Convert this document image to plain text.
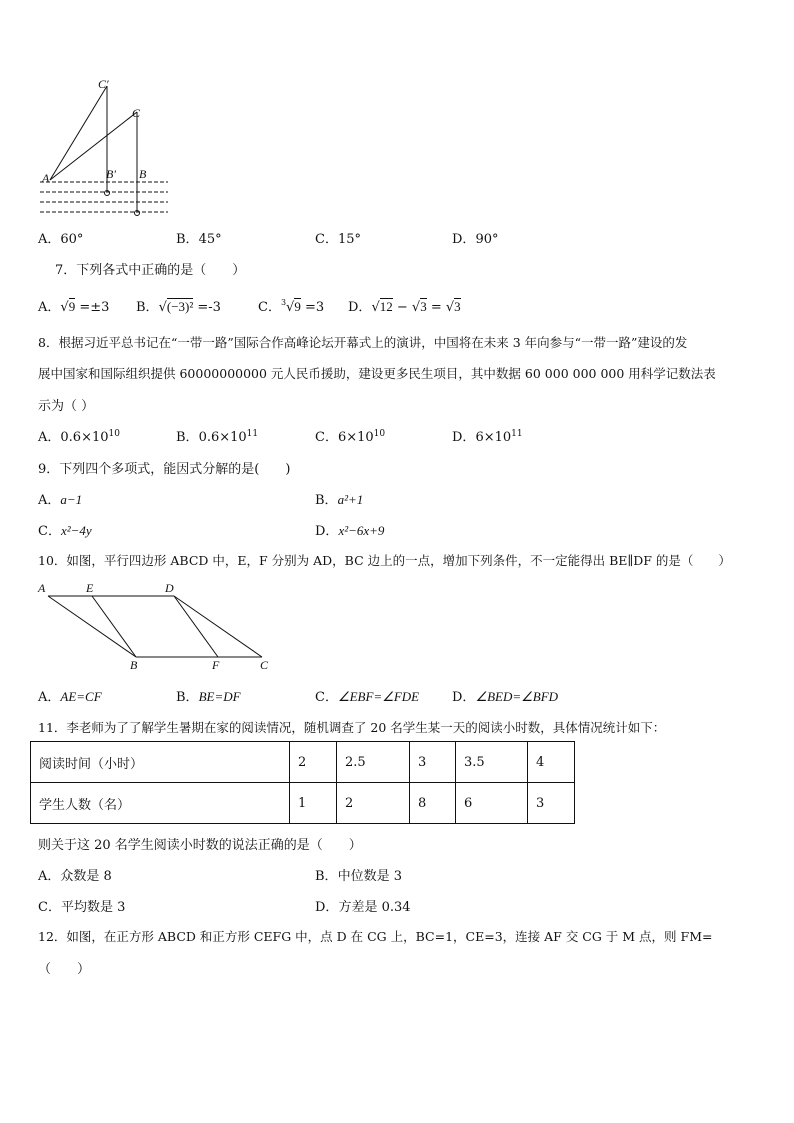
C′
C
A	B′ B
A．60°	B．45°	C．15°	D．90°
7．下列各式中正确的是（　　）
A．√9 =±3 B．√(−3)² =-3	C．$^3$√9 =3 D．√12 − √3 = √3
8．根据习近平总书记在“一带一路”国际合作高峰论坛开幕式上的演讲，中国将在未来 3 年向参与“一带一路”建设的发
展中国家和国际组织提供 60000000000 元人民币援助，建设更多民生项目，其中数据 60 000 000 000 用科学记数法表
示为（ ）
A．$0.6\times 10^{10}$	B．$0.6\times 10^{11}$	C．$6\times 10^{10}$	D．$6\times 10^{11}$
9．下列四个多项式，能因式分解的是(　　)
A．a−1	B．a²+1
C．x²−4y	D．x²−6x+9
10．如图，平行四边形 ABCD 中，E，F 分别为 AD，BC 边上的一点，增加下列条件，不一定能得出 BE∥DF 的是（　　）
A	E	D
B	F	C
A．AE=CF	B．BE=DF	C．∠EBF=∠FDE	D．∠BED=∠BFD
11．李老师为了了解学生暑期在家的阅读情况，随机调查了 20 名学生某一天的阅读小时数，具体情况统计如下：
阅读时间（小时）	2	2.5	3	3.5	4
学生人数（名）	1	2	8	6	3
则关于这 20 名学生阅读小时数的说法正确的是（　　）
A．众数是 8	B．中位数是 3
C．平均数是 3	D．方差是 0.34
12．如图，在正方形 ABCD 和正方形 CEFG 中，点 D 在 CG 上，BC=1，CE=3，连接 AF 交 CG 于 M 点，则 FM=
（　　）
